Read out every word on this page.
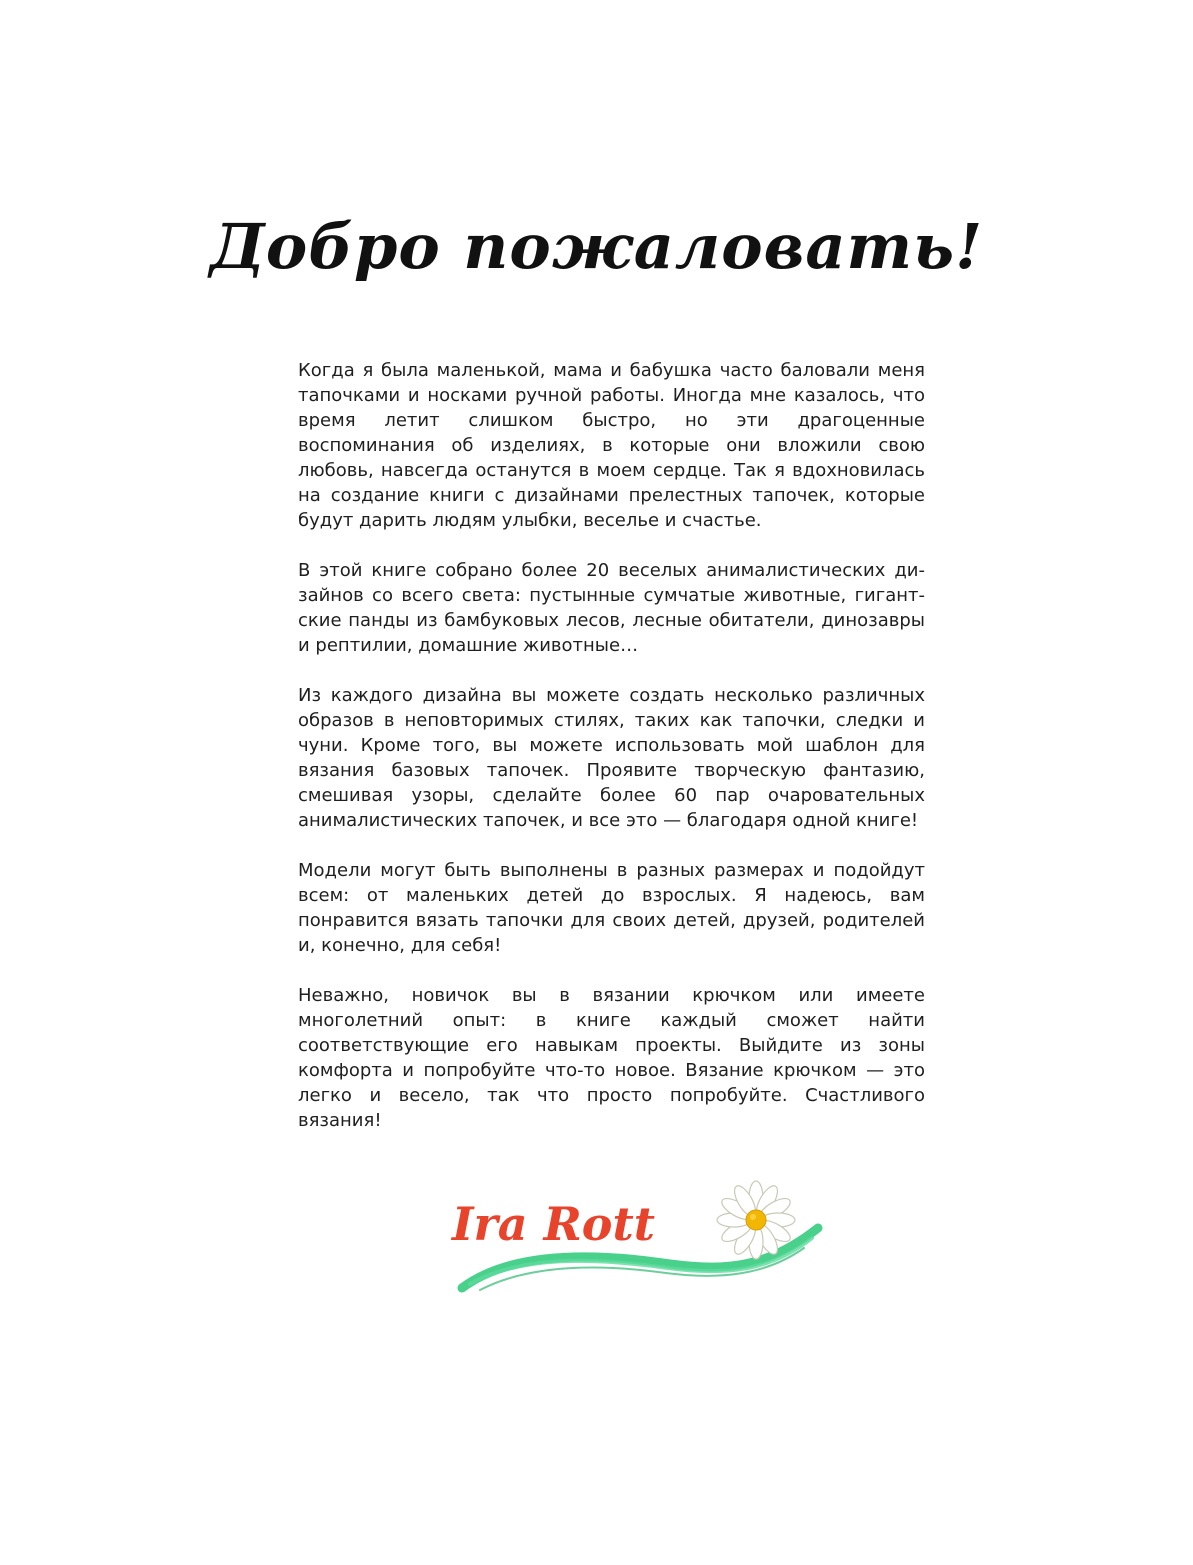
Добро пожаловать!

Когда я была маленькой, мама и бабушка часто баловали меня тапочками и носками ручной работы. Иногда мне казалось, что время летит слишком быстро, но эти драгоценные воспоминания об изделиях, в которые они вложили свою любовь, навсегда останутся в моем сердце. Так я вдохновилась на создание книги с дизайнами прелестных тапочек, которые будут дарить людям улыбки, веселье и счастье.

В этой книге собрано более 20 веселых анималистических дизайнов со всего света: пустынные сумчатые животные, гигантские панды из бамбуковых лесов, лесные обитатели, динозавры и рептилии, домашние животные…

Из каждого дизайна вы можете создать несколько различных образов в неповторимых стилях, таких как тапочки, следки и чуни. Кроме того, вы можете использовать мой шаблон для вязания базовых тапочек. Проявите творческую фантазию, смешивая узоры, сделайте более 60 пар очаровательных анималистических тапочек, и все это — благодаря одной книге!

Модели могут быть выполнены в разных размерах и подойдут всем: от маленьких детей до взрослых. Я надеюсь, вам понравится вязать тапочки для своих детей, друзей, родителей и, конечно, для себя!

Неважно, новичок вы в вязании крючком или имеете многолетний опыт: в книге каждый сможет найти соответствующие его навыкам проекты. Выйдите из зоны комфорта и попробуйте что-то новое. Вязание крючком — это легко и весело, так что просто попробуйте. Счастливого вязания!

Ira Rott
